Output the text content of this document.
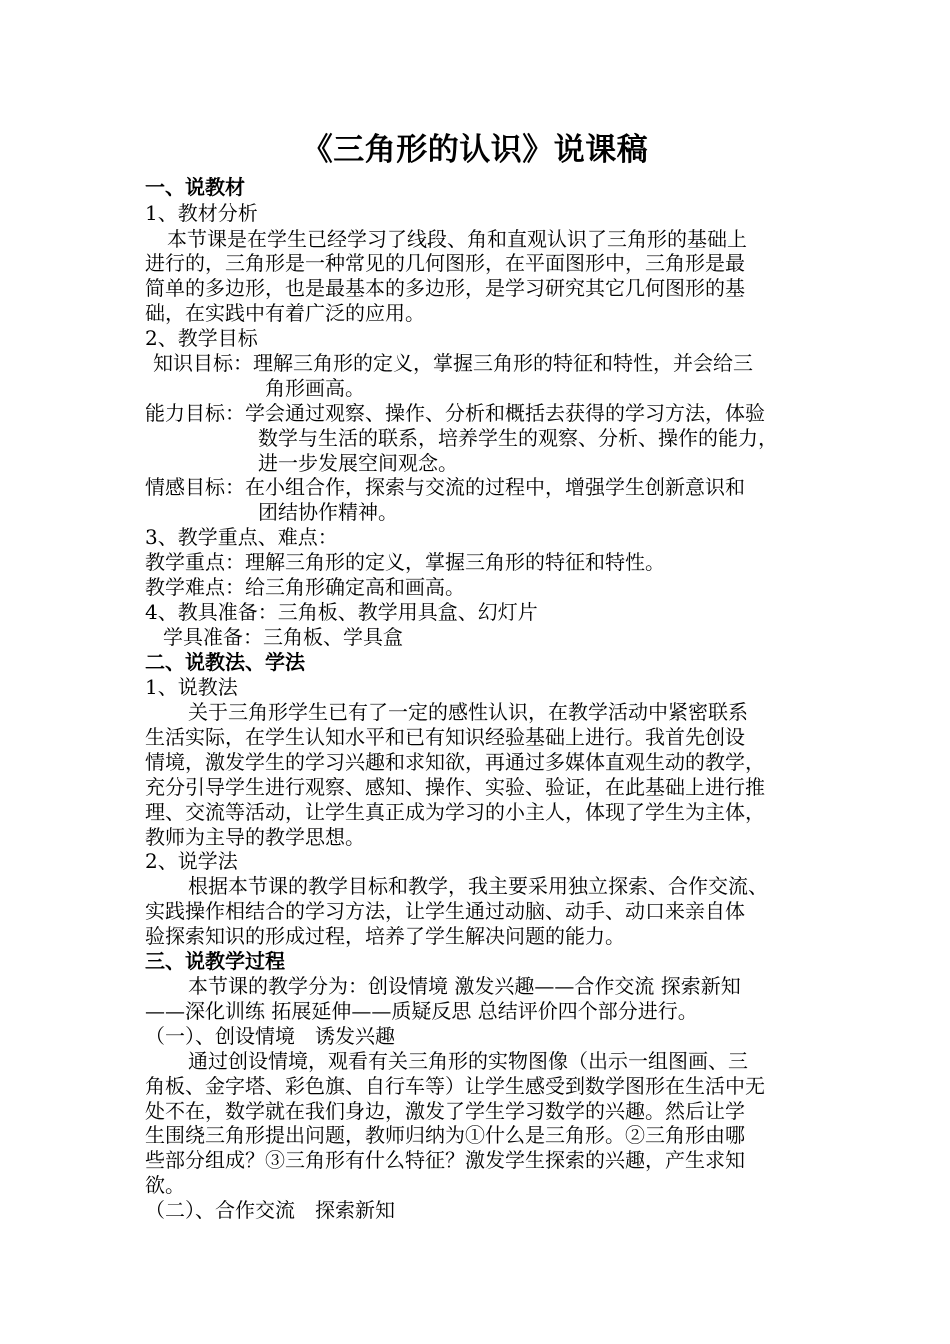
《三角形的认识》说课稿
一、说教材
1、教材分析
本节课是在学生已经学习了线段、角和直观认识了三角形的基础上
进行的，三角形是一种常见的几何图形，在平面图形中，三角形是最
简单的多边形，也是最基本的多边形，是学习研究其它几何图形的基
础，在实践中有着广泛的应用。
2、教学目标
知识目标：理解三角形的定义，掌握三角形的特征和特性，并会给三
角形画高。
能力目标：学会通过观察、操作、分析和概括去获得的学习方法，体验
数学与生活的联系，培养学生的观察、分析、操作的能力，
进一步发展空间观念。
情感目标：在小组合作，探索与交流的过程中，增强学生创新意识和
团结协作精神。
3、教学重点、难点：
教学重点：理解三角形的定义，掌握三角形的特征和特性。
教学难点：给三角形确定高和画高。
4、教具准备：三角板、教学用具盒、幻灯片
学具准备：三角板、学具盒
二、说教法、学法
1、说教法
关于三角形学生已有了一定的感性认识，在教学活动中紧密联系
生活实际，在学生认知水平和已有知识经验基础上进行。我首先创设
情境，激发学生的学习兴趣和求知欲，再通过多媒体直观生动的教学，
充分引导学生进行观察、感知、操作、实验、验证，在此基础上进行推
理、交流等活动，让学生真正成为学习的小主人，体现了学生为主体，
教师为主导的教学思想。
2、说学法
根据本节课的教学目标和教学，我主要采用独立探索、合作交流、
实践操作相结合的学习方法，让学生通过动脑、动手、动口来亲自体
验探索知识的形成过程，培养了学生解决问题的能力。
三、说教学过程
本节课的教学分为：创设情境 激发兴趣——合作交流 探索新知
——深化训练 拓展延伸——质疑反思 总结评价四个部分进行。
（一）、创设情境　诱发兴趣
通过创设情境，观看有关三角形的实物图像（出示一组图画、三
角板、金字塔、彩色旗、自行车等）让学生感受到数学图形在生活中无
处不在，数学就在我们身边，激发了学生学习数学的兴趣。然后让学
生围绕三角形提出问题，教师归纳为①什么是三角形。②三角形由哪
些部分组成？③三角形有什么特征？激发学生探索的兴趣，产生求知
欲。
（二）、合作交流　探索新知
